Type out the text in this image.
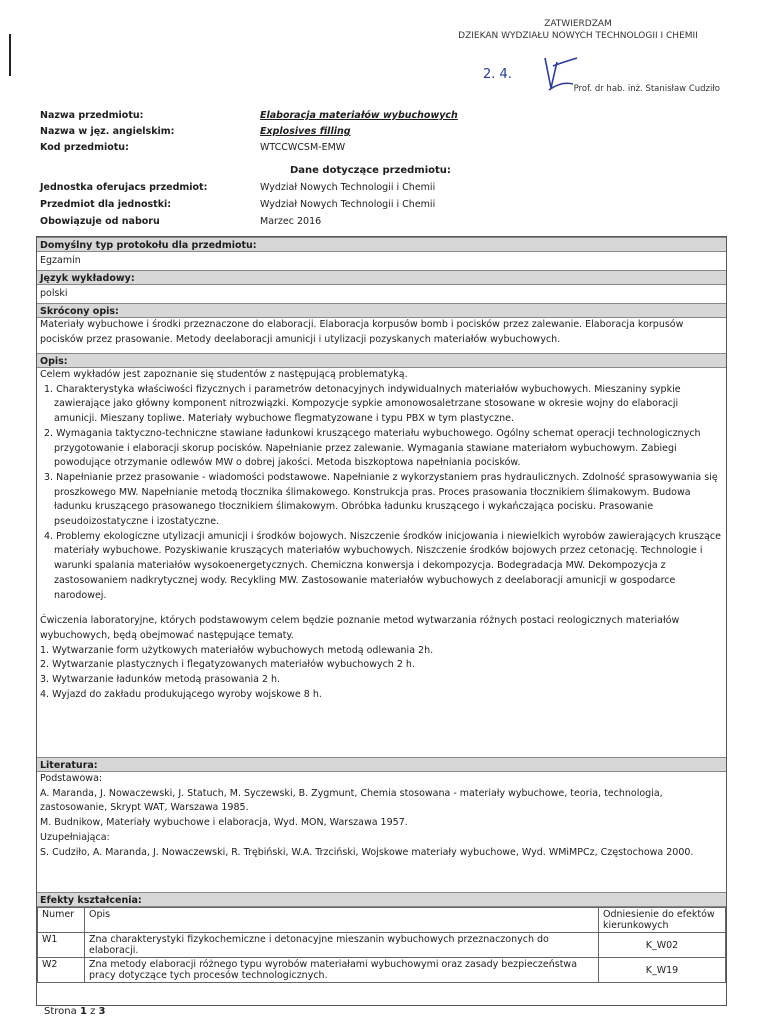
ZATWIERDZAM
DZIEKAN WYDZIAŁU NOWYCH TECHNOLOGII I CHEMII
2. 4.
Prof. dr hab. inż. Stanisław Cudziło
Nazwa przedmiotu:	Elaboracja materiałów wybuchowych
Nazwa w jęz. angielskim:	Explosives filling
Kod przedmiotu:	WTCCWCSM-EMW
Dane dotyczące przedmiotu:
Jednostka oferujacs przedmiot:	Wydział Nowych Technologii i Chemii
Przedmiot dla jednostki:	Wydział Nowych Technologii i Chemii
Obowiązuje od naboru	Marzec 2016
Domyślny typ protokołu dla przedmiotu:
Egzamin
Język wykładowy:
polski
Skrócony opis:
Materiały wybuchowe i środki przeznaczone do elaboracji. Elaboracja korpusów bomb i pocisków przez zalewanie. Elaboracja korpusów pocisków przez prasowanie. Metody deelaboracji amunicji i utylizacji pozyskanych materiałów wybuchowych.
Opis:
Celem wykładów jest zapoznanie się studentów z następującą problematyką.
1. Charakterystyka właściwości fizycznych i parametrów detonacyjnych indywidualnych materiałów wybuchowych. Mieszaniny sypkie zawierające jako główny komponent nitrozwiązki. Kompozycje sypkie amonowosaletrzane stosowane w okresie wojny do elaboracji amunicji. Mieszany topliwe. Materiały wybuchowe flegmatyzowane i typu PBX w tym plastyczne.
2. Wymagania taktyczno-techniczne stawiane ładunkowi kruszącego materiału wybuchowego. Ogólny schemat operacji technologicznych przygotowanie i elaboracji skorup pocisków. Napełnianie przez zalewanie. Wymagania stawiane materiałom wybuchowym. Zabiegi powodujące otrzymanie odlewów MW o dobrej jakości. Metoda biszkoptowa napełniania pocisków.
3. Napełnianie przez prasowanie - wiadomości podstawowe. Napełnianie z wykorzystaniem pras hydraulicznych. Zdolność sprasowywania się proszkowego MW. Napełnianie metodą tłocznika ślimakowego. Konstrukcja pras. Proces prasowania tłocznikiem ślimakowym. Budowa ładunku kruszącego prasowanego tłocznikiem ślimakowym. Obróbka ładunku kruszącego i wykańczająca pocisku. Prasowanie pseudoizostatyczne i izostatyczne.
4. Problemy ekologiczne utylizacji amunicji i środków bojowych. Niszczenie środków inicjowania i niewielkich wyrobów zawierających kruszące materiały wybuchowe. Pozyskiwanie kruszących materiałów wybuchowych. Niszczenie środków bojowych przez cetonację. Technologie i warunki spalania materiałów wysokoenergetycznych. Chemiczna konwersja i dekompozycja. Bodegradacja MW. Dekompozycja z zastosowaniem nadkrytycznej wody. Recykling MW. Zastosowanie materiałów wybuchowych z deelaboracji amunicji w gospodarce narodowej.
Ćwiczenia laboratoryjne, których podstawowym celem będzie poznanie metod wytwarzania różnych postaci reologicznych materiałów wybuchowych, będą obejmować następujące tematy.
1. Wytwarzanie form użytkowych materiałów wybuchowych metodą odlewania 2h.
2. Wytwarzanie plastycznych i flegatyzowanych materiałów wybuchowych 2 h.
3. Wytwarzanie ładunków metodą prasowania 2 h.
4. Wyjazd do zakładu produkującego wyroby wojskowe 8 h.
Literatura:
Podstawowa:
A. Maranda, J. Nowaczewski, J. Statuch, M. Syczewski, B. Zygmunt, Chemia stosowana - materiały wybuchowe, teoria, technologia, zastosowanie, Skrypt WAT, Warszawa 1985.
M. Budnikow, Materiały wybuchowe i elaboracja, Wyd. MON, Warszawa 1957.
Uzupełniająca:
S. Cudziło, A. Maranda, J. Nowaczewski, R. Trębiński, W.A. Trzciński, Wojskowe materiały wybuchowe, Wyd. WMiMPCz, Częstochowa 2000.
Efekty kształcenia:
Numer	Opis	Odniesienie do efektów kierunkowych
W1	Zna charakterystyki fizykochemiczne i detonacyjne mieszanin wybuchowych przeznaczonych do elaboracji.	K_W02
W2	Zna metody elaboracji różnego typu wyrobów materiałami wybuchowymi oraz zasady bezpieczeństwa pracy dotyczące tych procesów technologicznych.	K_W19
Strona 1 z 3
